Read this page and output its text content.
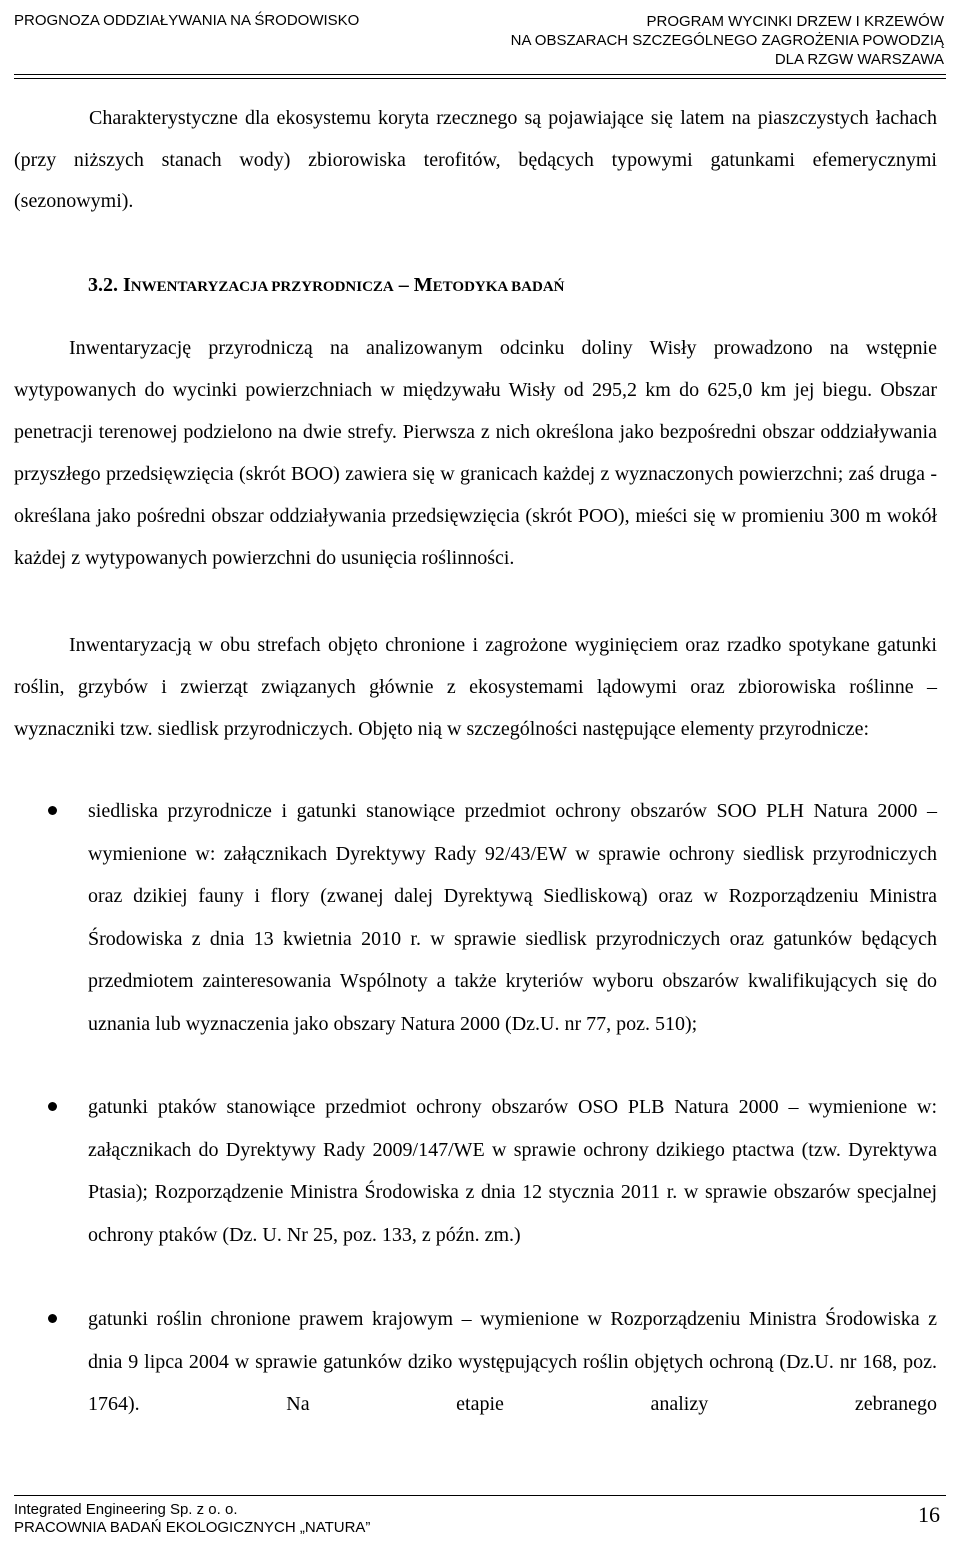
PROGNOZA ODDZIAŁYWANIA NA ŚRODOWISKO	PROGRAM WYCINKI DRZEW I KRZEWÓW
NA OBSZARACH SZCZEGÓLNEGO ZAGROŻENIA POWODZIĄ
DLA RZGW WARSZAWA
Charakterystyczne dla ekosystemu koryta rzecznego są pojawiające się latem na piaszczystych łachach (przy niższych stanach wody) zbiorowiska terofitów, będących typowymi gatunkami efemerycznymi (sezonowymi).
3.2. INWENTARYZACJA PRZYRODNICZA – METODYKA BADAŃ
Inwentaryzację przyrodniczą na analizowanym odcinku doliny Wisły prowadzono na wstępnie wytypowanych do wycinki powierzchniach w międzywału Wisły od 295,2 km do 625,0 km jej biegu. Obszar penetracji terenowej podzielono na dwie strefy. Pierwsza z nich określona jako bezpośredni obszar oddziaływania przyszłego przedsięwzięcia (skrót BOO) zawiera się w granicach każdej z wyznaczonych powierzchni; zaś druga - określana jako pośredni obszar oddziaływania przedsięwzięcia (skrót POO), mieści się w promieniu 300 m wokół każdej z wytypowanych powierzchni do usunięcia roślinności.
Inwentaryzacją w obu strefach objęto chronione i zagrożone wyginięciem oraz rzadko spotykane gatunki roślin, grzybów i zwierząt związanych głównie z ekosystemami lądowymi oraz zbiorowiska roślinne – wyznaczniki tzw. siedlisk przyrodniczych. Objęto nią w szczególności następujące elementy przyrodnicze:
siedliska przyrodnicze i gatunki stanowiące przedmiot ochrony obszarów SOO PLH Natura 2000 – wymienione w: załącznikach Dyrektywy Rady 92/43/EW w sprawie ochrony siedlisk przyrodniczych oraz dzikiej fauny i flory (zwanej dalej Dyrektywą Siedliskową) oraz w Rozporządzeniu Ministra Środowiska z dnia 13 kwietnia 2010 r. w sprawie siedlisk przyrodniczych oraz gatunków będących przedmiotem zainteresowania Wspólnoty a także kryteriów wyboru obszarów kwalifikujących się do uznania lub wyznaczenia jako obszary Natura 2000 (Dz.U. nr 77, poz. 510);
gatunki ptaków stanowiące przedmiot ochrony obszarów OSO PLB Natura 2000 – wymienione w: załącznikach do Dyrektywy Rady 2009/147/WE w sprawie ochrony dzikiego ptactwa (tzw. Dyrektywa Ptasia); Rozporządzenie Ministra Środowiska z dnia 12 stycznia 2011 r. w sprawie obszarów specjalnej ochrony ptaków (Dz. U. Nr 25, poz. 133, z późn. zm.)
gatunki roślin chronione prawem krajowym – wymienione w Rozporządzeniu Ministra Środowiska z dnia 9 lipca 2004 w sprawie gatunków dziko występujących roślin objętych ochroną (Dz.U. nr 168, poz. 1764). Na etapie analizy zebranego
Integrated Engineering Sp. z o. o.
PRACOWNIA BADAŃ EKOLOGICZNYCH „NATURA”
16
